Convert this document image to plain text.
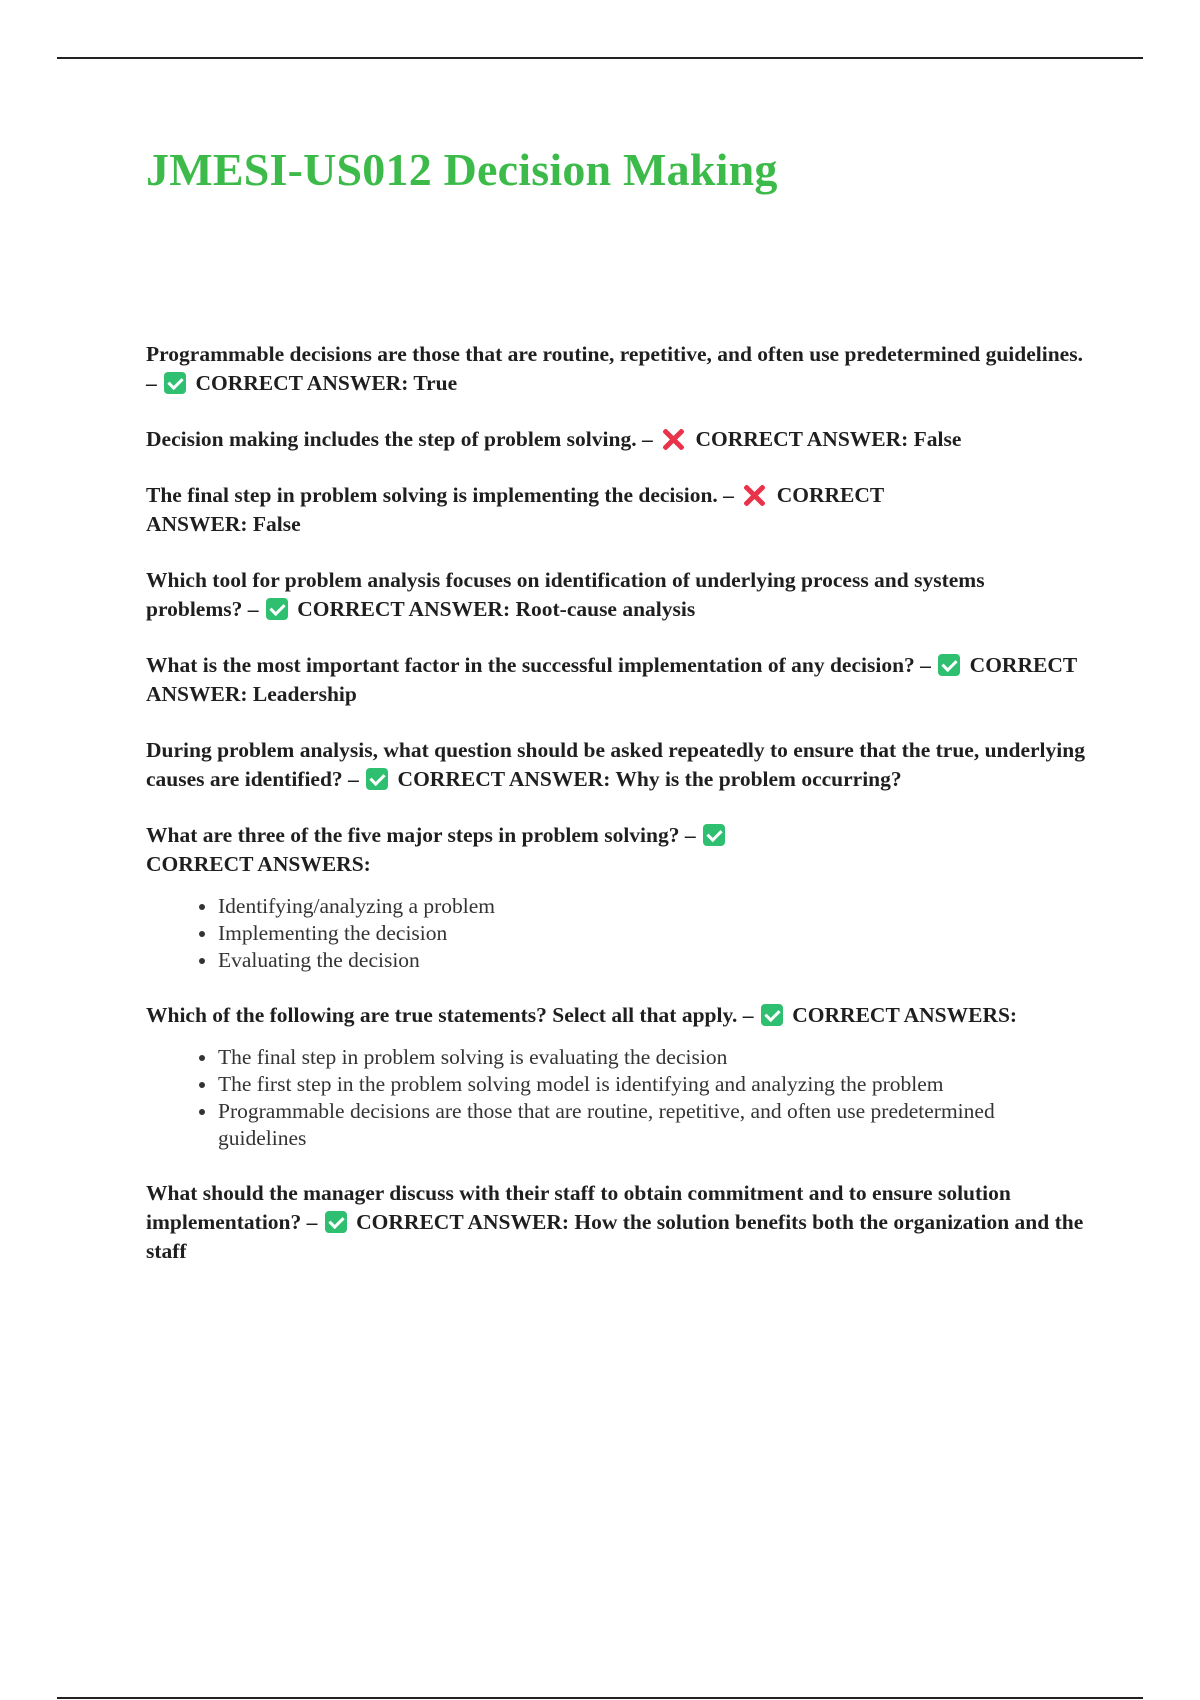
JMESI-US012 Decision Making

Programmable decisions are those that are routine, repetitive, and often use predetermined guidelines. – CORRECT ANSWER: True

Decision making includes the step of problem solving. – CORRECT ANSWER: False

The final step in problem solving is implementing the decision. – CORRECT ANSWER: False

Which tool for problem analysis focuses on identification of underlying process and systems problems? – CORRECT ANSWER: Root-cause analysis

What is the most important factor in the successful implementation of any decision? – CORRECT ANSWER: Leadership

During problem analysis, what question should be asked repeatedly to ensure that the true, underlying causes are identified? – CORRECT ANSWER: Why is the problem occurring?

What are three of the five major steps in problem solving? –  CORRECT ANSWERS:

• Identifying/analyzing a problem
• Implementing the decision
• Evaluating the decision

Which of the following are true statements? Select all that apply. – CORRECT ANSWERS:

• The final step in problem solving is evaluating the decision
• The first step in the problem solving model is identifying and analyzing the problem
• Programmable decisions are those that are routine, repetitive, and often use predetermined guidelines

What should the manager discuss with their staff to obtain commitment and to ensure solution implementation? – CORRECT ANSWER: How the solution benefits both the organization and the staff
